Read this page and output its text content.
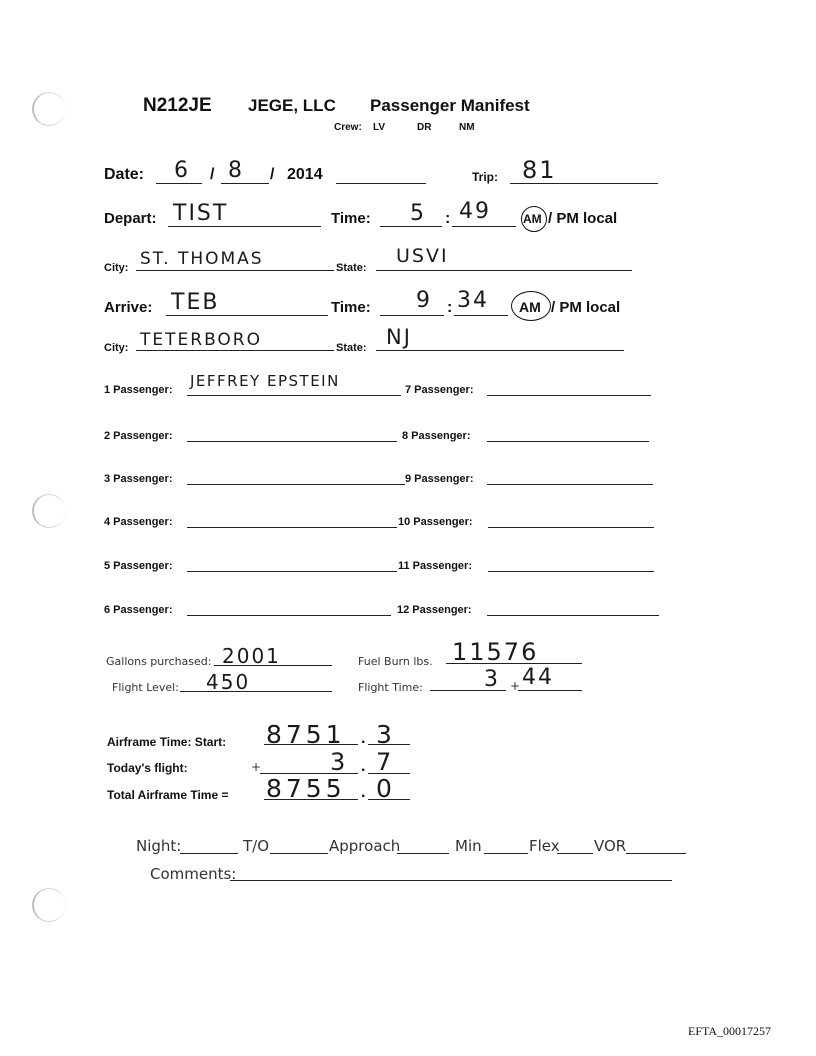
N212JE JEGE, LLC Passenger Manifest
Crew: LV	DR	NM
Date: 6 / 8 / 2014	Trip: 81
Depart: TIST	Time: 5 : 49	AM / PM local
City: ST. THOMAS	State:
USVI
Arrive: TEB	Time: 9 : 34 AM / PM local
City: TETERBORO	State: NJ
1 Passenger: JEFFREY EPSTEIN	7 Passenger:
2 Passenger:	8 Passenger:
3 Passenger:	9 Passenger:
4 Passenger:	10 Passenger:
5 Passenger:	11 Passenger:
6 Passenger:	12 Passenger:
Gallons purchased: 2001	Fuel Burn lbs. 11576
Flight Level: 450	Flight Time:	3 + 44
Airframe Time: Start: 8751 . 3
Today's flight:	+	3 . 7
Total Airframe Time = 8755 . 0
Night:	T/O	Approach	Min	Flex VOR
Comments:
EFTA_00017257
